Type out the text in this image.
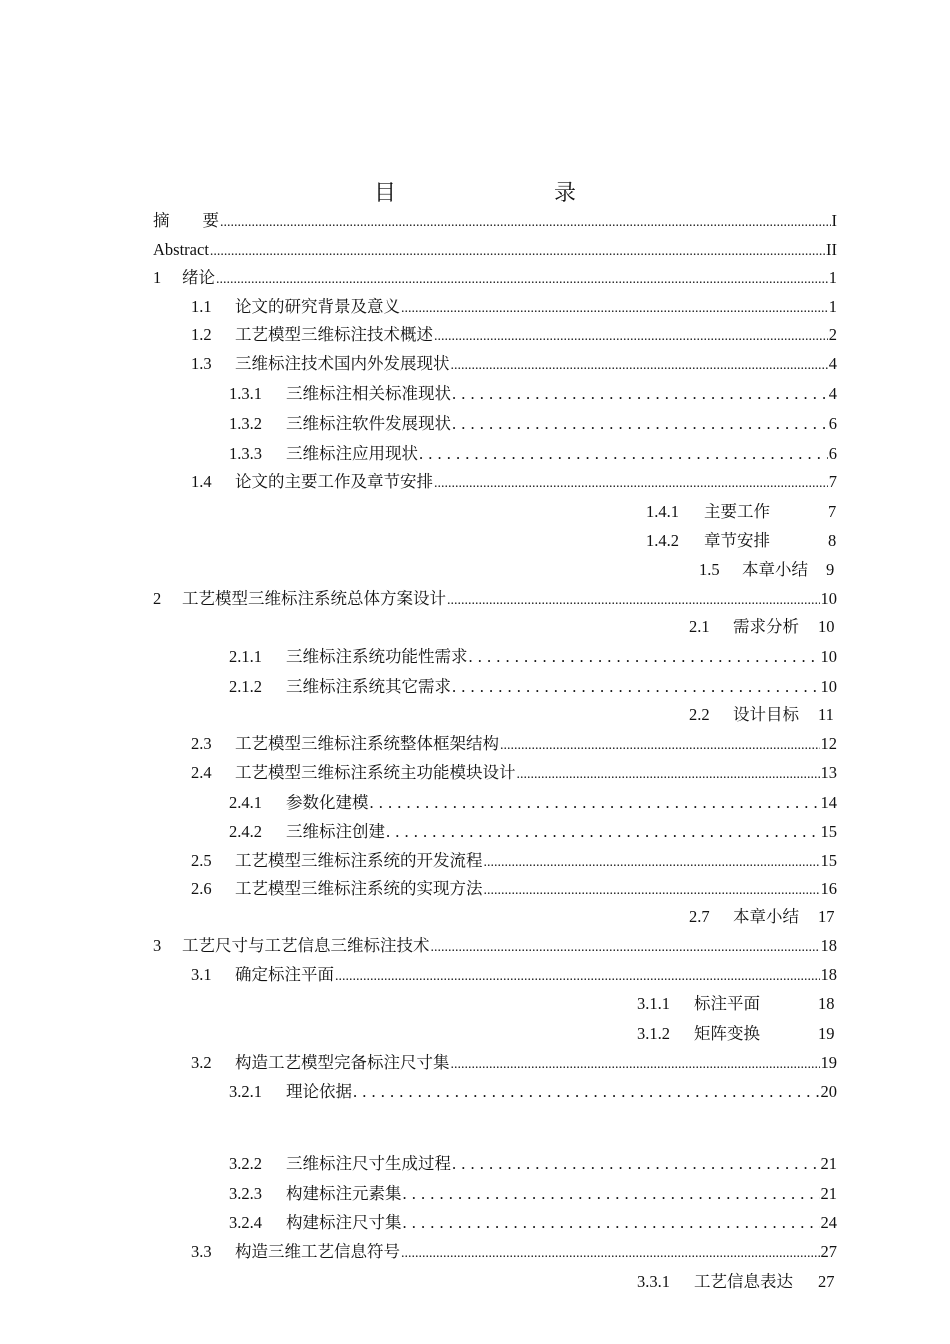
目　　录
摘　　要 .....	I
Abstract .....	II
1	绪论 .....	1
1.1	论文的研究背景及意义 .....	1
1.2	工艺模型三维标注技术概述 .....	2
1.3	三维标注技术国内外发展现状 .....	4
1.3.1	三维标注相关标准现状 . . .	4
1.3.2	三维标注软件发展现状 . . .	6
1.3.3	三维标注应用现状 . . .	6
1.4	论文的主要工作及章节安排 .....	7
1.4.1	主要工作	7
1.4.2	章节安排	8
1.5	本章小结	9
2	工艺模型三维标注系统总体方案设计 .....	10
2.1	需求分析	10
2.1.1	三维标注系统功能性需求 . . .	10
2.1.2	三维标注系统其它需求 . . .	10
2.2	设计目标	11
2.3	工艺模型三维标注系统整体框架结构 .....	12
2.4	工艺模型三维标注系统主功能模块设计 .....	13
2.4.1	参数化建模 . . .	14
2.4.2	三维标注创建 . . .	15
2.5	工艺模型三维标注系统的开发流程 .....	15
2.6	工艺模型三维标注系统的实现方法 .....	16
2.7	本章小结	17
3	工艺尺寸与工艺信息三维标注技术 .....	18
3.1	确定标注平面 .....	18
3.1.1	标注平面	18
3.1.2	矩阵变换	19
3.2	构造工艺模型完备标注尺寸集 .....	19
3.2.1	理论依据 . . .	20
3.2.2	三维标注尺寸生成过程 . . .	21
3.2.3	构建标注元素集 . . .	21
3.2.4	构建标注尺寸集 . . .	24
3.3	构造三维工艺信息符号 .....	27
3.3.1	工艺信息表达	27
